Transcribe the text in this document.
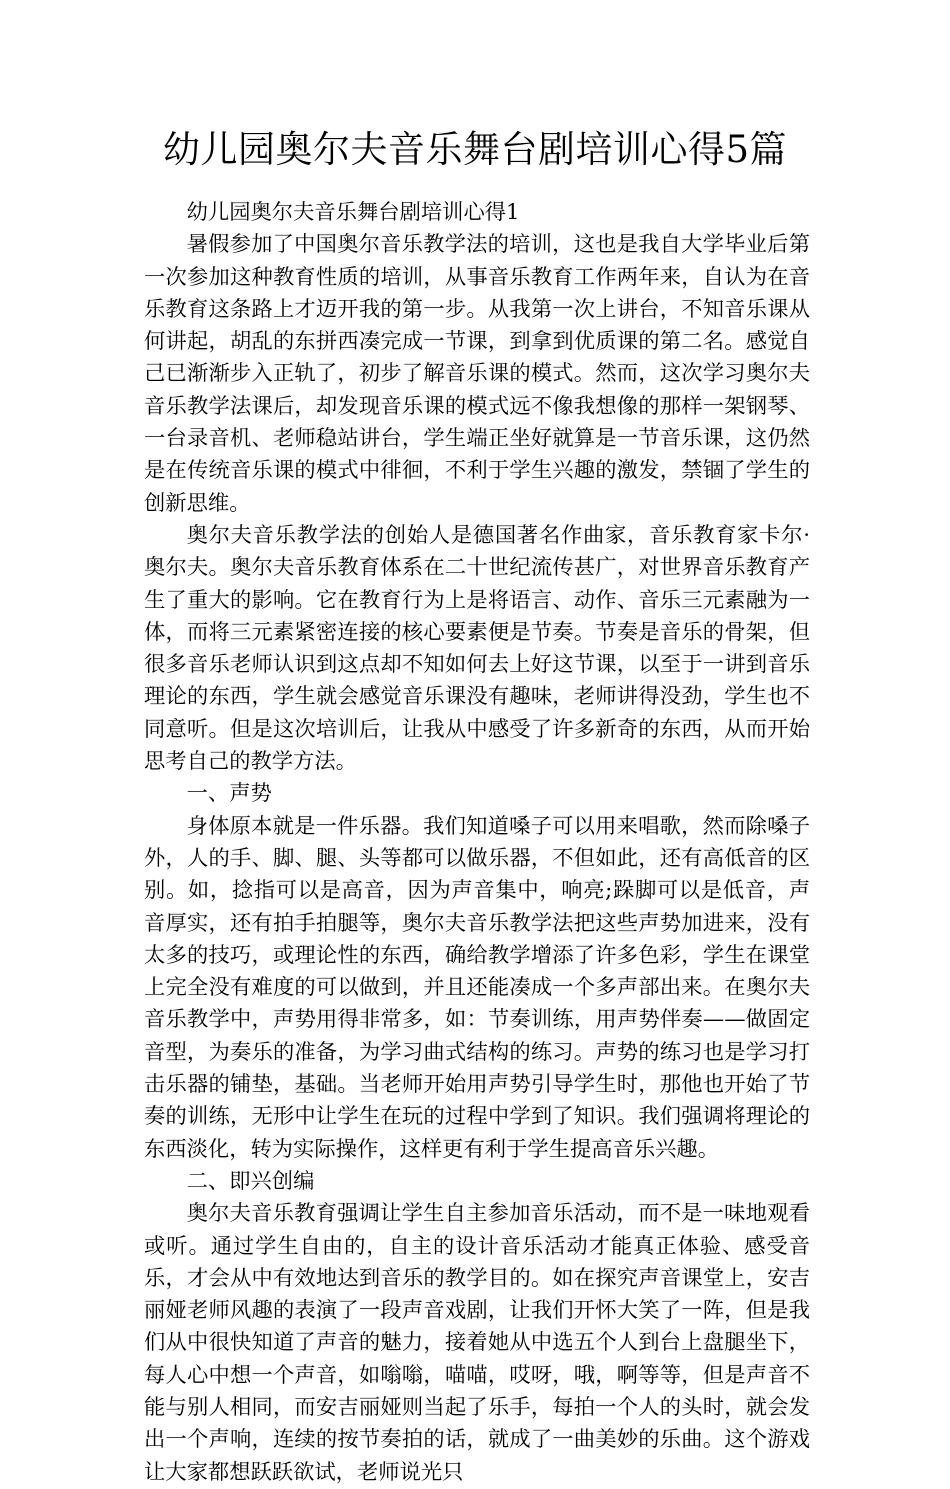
幼儿园奥尔夫音乐舞台剧培训心得5篇

幼儿园奥尔夫音乐舞台剧培训心得1

暑假参加了中国奥尔音乐教学法的培训，这也是我自大学毕业后第一次参加这种教育性质的培训，从事音乐教育工作两年来，自认为在音乐教育这条路上才迈开我的第一步。从我第一次上讲台，不知音乐课从何讲起，胡乱的东拼西凑完成一节课，到拿到优质课的第二名。感觉自己已渐渐步入正轨了，初步了解音乐课的模式。然而，这次学习奥尔夫音乐教学法课后，却发现音乐课的模式远不像我想像的那样一架钢琴、一台录音机、老师稳站讲台，学生端正坐好就算是一节音乐课，这仍然是在传统音乐课的模式中徘徊，不利于学生兴趣的激发，禁锢了学生的创新思维。

奥尔夫音乐教学法的创始人是德国著名作曲家，音乐教育家卡尔·奥尔夫。奥尔夫音乐教育体系在二十世纪流传甚广，对世界音乐教育产生了重大的影响。它在教育行为上是将语言、动作、音乐三元素融为一体，而将三元素紧密连接的核心要素便是节奏。节奏是音乐的骨架，但很多音乐老师认识到这点却不知如何去上好这节课，以至于一讲到音乐理论的东西，学生就会感觉音乐课没有趣味，老师讲得没劲，学生也不同意听。但是这次培训后，让我从中感受了许多新奇的东西，从而开始思考自己的教学方法。

一、声势

身体原本就是一件乐器。我们知道嗓子可以用来唱歌，然而除嗓子外，人的手、脚、腿、头等都可以做乐器，不但如此，还有高低音的区别。如，捻指可以是高音，因为声音集中，响亮;跺脚可以是低音，声音厚实，还有拍手拍腿等，奥尔夫音乐教学法把这些声势加进来，没有太多的技巧，或理论性的东西，确给教学增添了许多色彩，学生在课堂上完全没有难度的可以做到，并且还能凑成一个多声部出来。在奥尔夫音乐教学中，声势用得非常多，如：节奏训练，用声势伴奏——做固定音型，为奏乐的准备，为学习曲式结构的练习。声势的练习也是学习打击乐器的铺垫，基础。当老师开始用声势引导学生时，那他也开始了节奏的训练，无形中让学生在玩的过程中学到了知识。我们强调将理论的东西淡化，转为实际操作，这样更有利于学生提高音乐兴趣。

二、即兴创编

奥尔夫音乐教育强调让学生自主参加音乐活动，而不是一味地观看或听。通过学生自由的，自主的设计音乐活动才能真正体验、感受音乐，才会从中有效地达到音乐的教学目的。如在探究声音课堂上，安吉丽娅老师风趣的表演了一段声音戏剧，让我们开怀大笑了一阵，但是我们从中很快知道了声音的魅力，接着她从中选五个人到台上盘腿坐下，每人心中想一个声音，如嗡嗡，喵喵，哎呀，哦，啊等等，但是声音不能与别人相同，而安吉丽娅则当起了乐手，每拍一个人的头时，就会发出一个声响，连续的按节奏拍的话，就成了一曲美妙的乐曲。这个游戏让大家都想跃跃欲试，老师说光只
